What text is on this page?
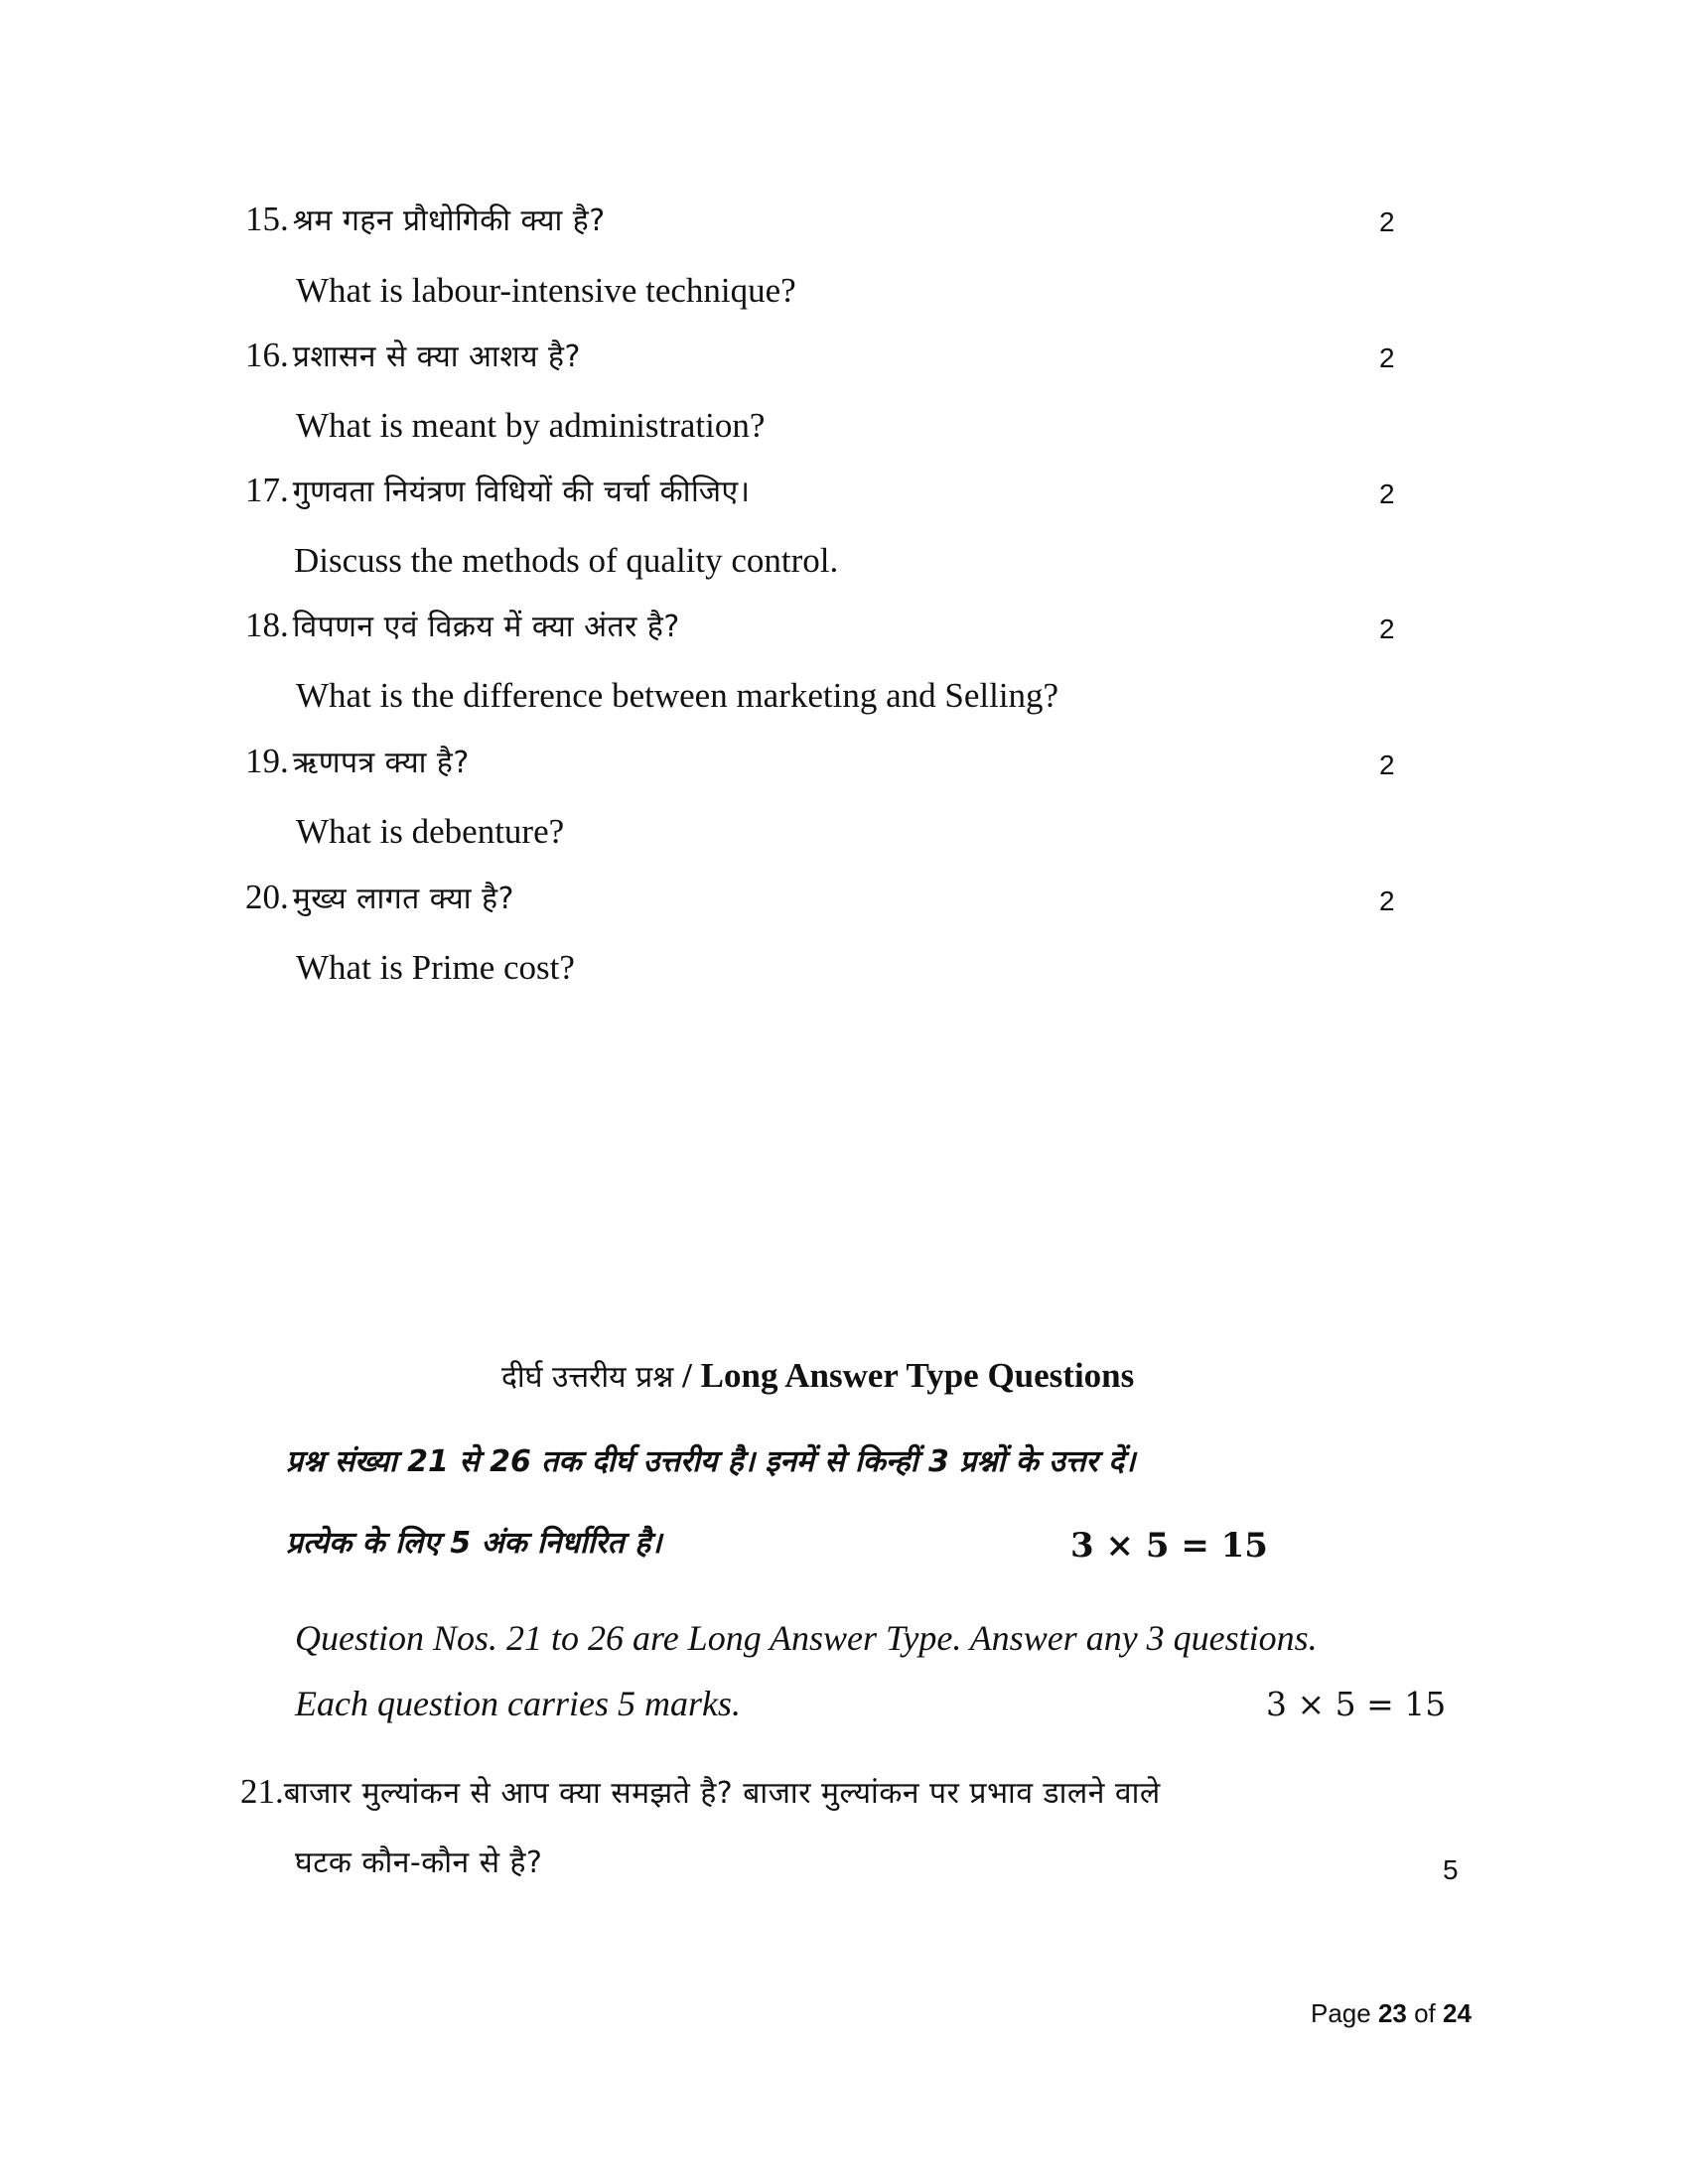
15. श्रम गहन प्रौधोगिकी क्या है?	2
What is labour-intensive technique?
16. प्रशासन से क्या आशय है?	2
What is meant by administration?
17. गुणवता नियंत्रण विधियों की चर्चा कीजिए।	2
Discuss the methods of quality control.
18. विपणन एवं विक्रय में क्या अंतर है?	2
What is the difference between marketing and Selling?
19. ऋणपत्र क्या है?	2
What is debenture?
20. मुख्य लागत क्या है?	2
What is Prime cost?
दीर्घ उत्तरीय प्रश्न / Long Answer Type Questions
प्रश्न संख्या 21 से 26 तक दीर्घ उत्तरीय है। इनमें से किन्हीं 3 प्रश्नों के उत्तर दें।
प्रत्येक के लिए 5 अंक निर्धारित है।	3 × 5 = 15
Question Nos. 21 to 26 are Long Answer Type. Answer any 3 questions.
Each question carries 5 marks.	3 × 5 = 15
21.बाजार मुल्यांकन से आप क्या समझते है? बाजार मुल्यांकन पर प्रभाव डालने वाले
घटक कौन-कौन से है?	5
Page 23 of 24
